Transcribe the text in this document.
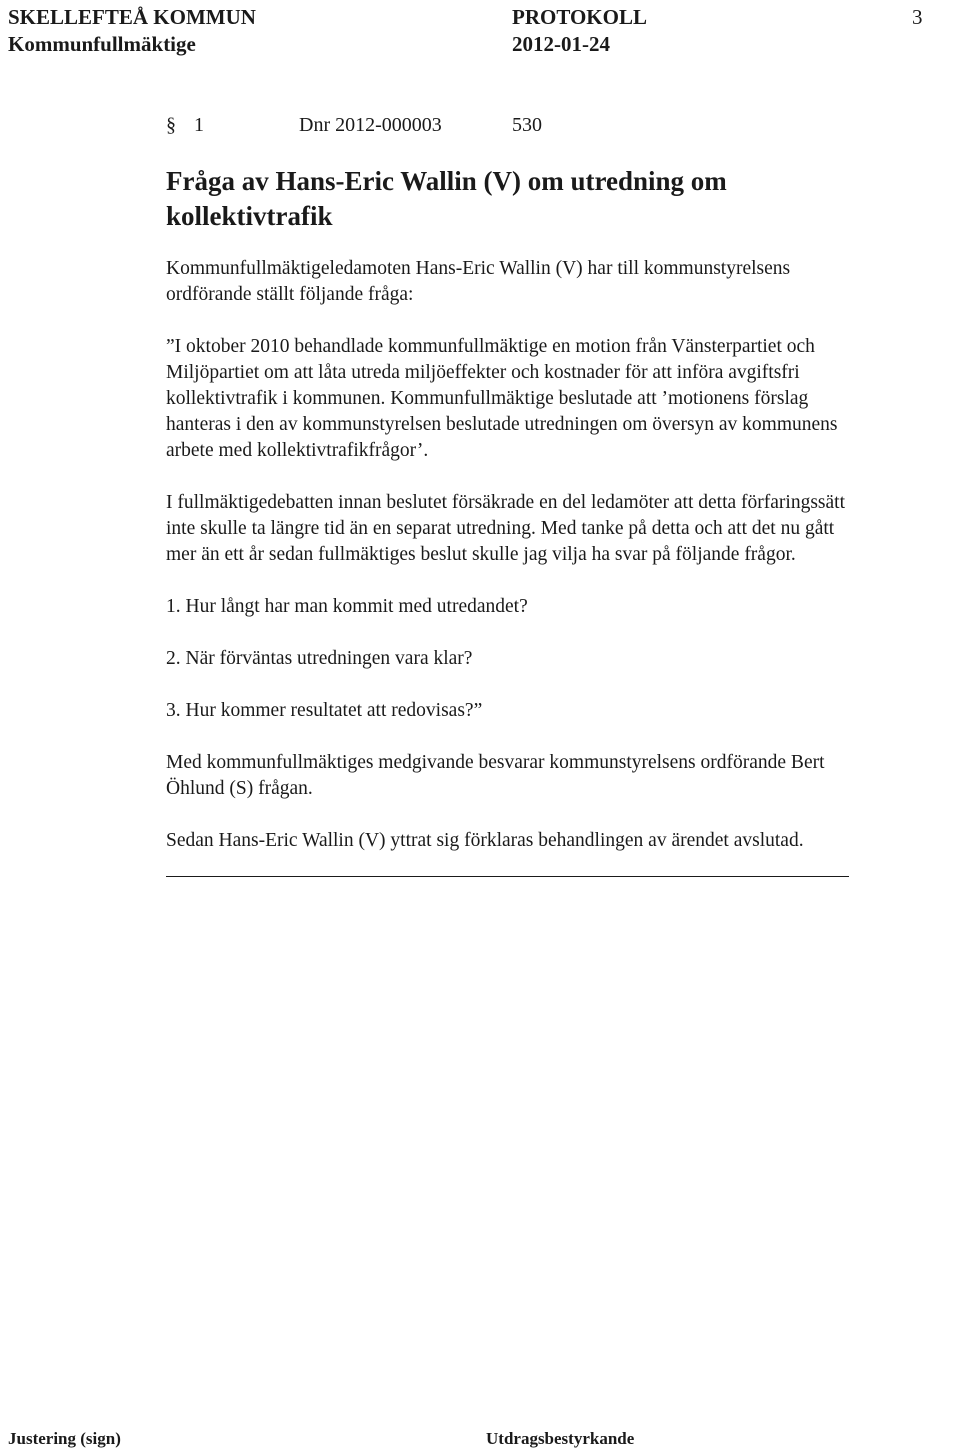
SKELLEFTEÅ KOMMUN
Kommunfullmäktige
PROTOKOLL
2012-01-24
3
§ 1	Dnr 2012-000003	530
Fråga av Hans-Eric Wallin (V) om utredning om
kollektivtrafik
Kommunfullmäktigeledamoten Hans-Eric Wallin (V) har till kommunstyrelsens
ordförande ställt följande fråga:
”I oktober 2010 behandlade kommunfullmäktige en motion från Vänsterpartiet och
Miljöpartiet om att låta utreda miljöeffekter och kostnader för att införa avgiftsfri
kollektivtrafik i kommunen. Kommunfullmäktige beslutade att ’motionens förslag
hanteras i den av kommunstyrelsen beslutade utredningen om översyn av kommunens
arbete med kollektivtrafikfrågor’.
I fullmäktigedebatten innan beslutet försäkrade en del ledamöter att detta förfaringssätt
inte skulle ta längre tid än en separat utredning. Med tanke på detta och att det nu gått
mer än ett år sedan fullmäktiges beslut skulle jag vilja ha svar på följande frågor.
1. Hur långt har man kommit med utredandet?
2. När förväntas utredningen vara klar?
3. Hur kommer resultatet att redovisas?”
Med kommunfullmäktiges medgivande besvarar kommunstyrelsens ordförande Bert
Öhlund (S) frågan.
Sedan Hans-Eric Wallin (V) yttrat sig förklaras behandlingen av ärendet avslutad.
Justering (sign)	Utdragsbestyrkande
